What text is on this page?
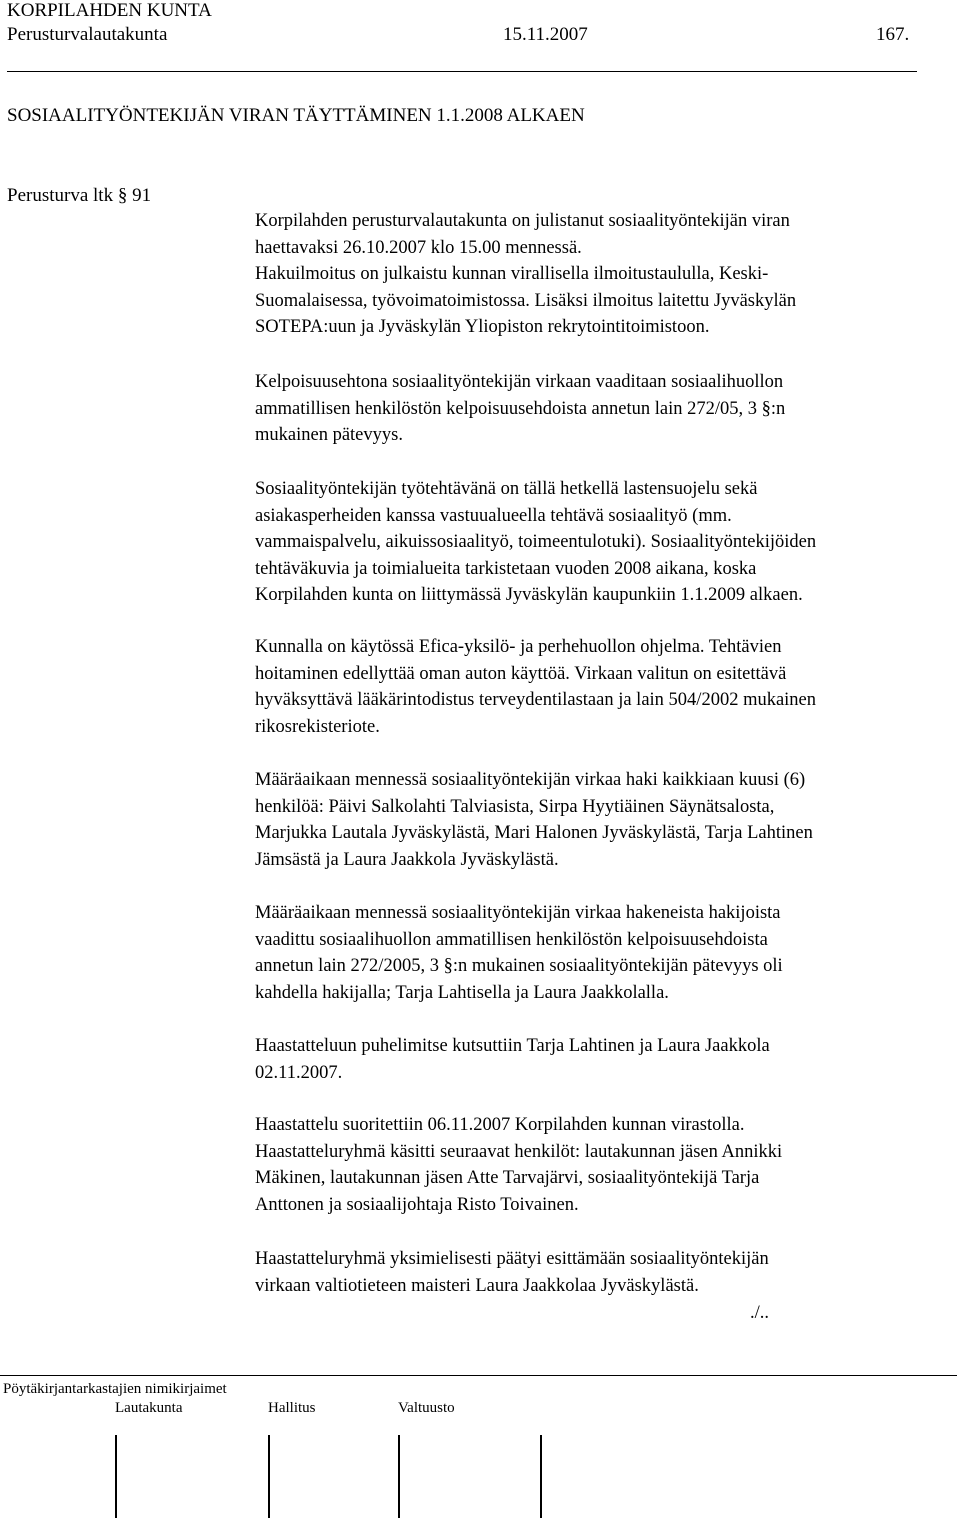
KORPILAHDEN KUNTA
Perusturvalautakunta	15.11.2007	167.
SOSIAALITYÖNTEKIJÄN VIRAN TÄYTTÄMINEN 1.1.2008 ALKAEN
Perusturva ltk § 91
Korpilahden perusturvalautakunta on julistanut sosiaalityöntekijän viran
haettavaksi 26.10.2007 klo 15.00 mennessä.
Hakuilmoitus on julkaistu kunnan virallisella ilmoitustaululla, Keski-
Suomalaisessa, työvoimatoimistossa. Lisäksi ilmoitus laitettu Jyväskylän
SOTEPA:uun ja Jyväskylän Yliopiston rekrytointitoimistoon.
Kelpoisuusehtona sosiaalityöntekijän virkaan vaaditaan sosiaalihuollon
ammatillisen henkilöstön kelpoisuusehdoista annetun lain 272/05, 3 §:n
mukainen pätevyys.
Sosiaalityöntekijän työtehtävänä on tällä hetkellä lastensuojelu sekä
asiakasperheiden kanssa vastuualueella tehtävä sosiaalityö (mm.
vammaispalvelu, aikuissosiaalityö, toimeentulotuki). Sosiaalityöntekijöiden
tehtäväkuvia ja toimialueita tarkistetaan vuoden 2008 aikana, koska
Korpilahden kunta on liittymässä Jyväskylän kaupunkiin 1.1.2009 alkaen.
Kunnalla on käytössä Efica-yksilö- ja perhehuollon ohjelma. Tehtävien
hoitaminen edellyttää oman auton käyttöä. Virkaan valitun on esitettävä
hyväksyttävä lääkärintodistus terveydentilastaan ja lain 504/2002 mukainen
rikosrekisteriote.
Määräaikaan mennessä sosiaalityöntekijän virkaa haki kaikkiaan kuusi (6)
henkilöä: Päivi Salkolahti Talviasista, Sirpa Hyytiäinen Säynätsalosta,
Marjukka Lautala Jyväskylästä, Mari Halonen Jyväskylästä, Tarja Lahtinen
Jämsästä ja Laura Jaakkola Jyväskylästä.
Määräaikaan mennessä sosiaalityöntekijän virkaa hakeneista hakijoista
vaadittu sosiaalihuollon ammatillisen henkilöstön kelpoisuusehdoista
annetun lain 272/2005, 3 §:n mukainen sosiaalityöntekijän pätevyys oli
kahdella hakijalla; Tarja Lahtisella ja Laura Jaakkolalla.
Haastatteluun puhelimitse kutsuttiin Tarja Lahtinen ja Laura Jaakkola
02.11.2007.
Haastattelu suoritettiin 06.11.2007 Korpilahden kunnan virastolla.
Haastatteluryhmä käsitti seuraavat henkilöt: lautakunnan jäsen Annikki
Mäkinen, lautakunnan jäsen Atte Tarvajärvi, sosiaalityöntekijä Tarja
Anttonen ja sosiaalijohtaja Risto Toivainen.
Haastatteluryhmä yksimielisesti päätyi esittämään sosiaalityöntekijän
virkaan valtiotieteen maisteri Laura Jaakkolaa Jyväskylästä.
./..
Pöytäkirjantarkastajien nimikirjaimet
Lautakunta	Hallitus	Valtuusto
